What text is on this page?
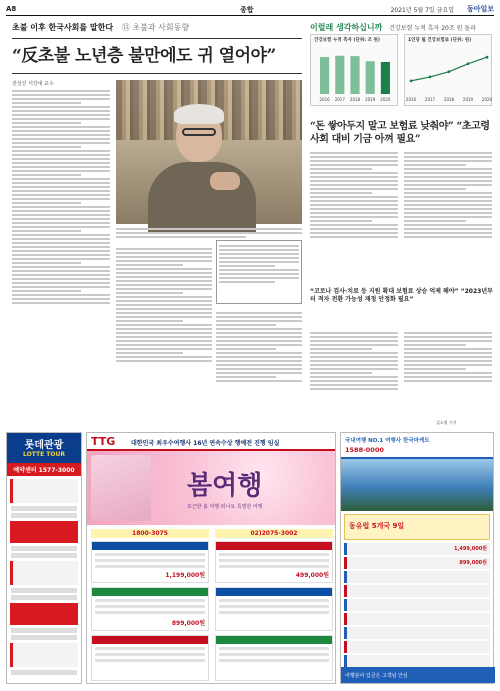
A8	종합	2021년 5월 7일 금요일 동아일보
초불 이후 한국사회를 말한다 ⑬ 초불과 사회동향
“反초불 노년층 불만에도 귀 열어야”
전상진 서강대 교수
이럴래 생각하십니까 건강보험 누적 흑자 20조 원 돌파
건강보험 누적 흑자 (단위: 조 원)
2016 2017 2018 2019 2020
1인당 월 건강보험료 (단위: 원)
2016 2017 2018 2019 2020
“돈 쌓아두지 말고 보험료 낮춰야” “초고령사회 대비 기금 아껴 필요”
“코로나 검사·치료 등 지원 확대 보험료 상승 억제 해야” “2023년부터 적자 전환 가능성 재정 안정화 필요”
김소영 기자
롯데관광
LOTTE TOUR
예약센터 1577-3000
TTG	대한민국 최우수여행사 16년 연속수상 행예전 진행 임실
봄여행
포근한 봄 여행 떠나요 특별한 여행
1800-3075	02)2075-3002
1,199,000원	499,000원
899,000원
국내여행 NO.1 여행사 한국마케트
1588-0000
동유럽 5개국 9일
1,499,000원
899,000원
여행분야 입금은 고객님 안심
